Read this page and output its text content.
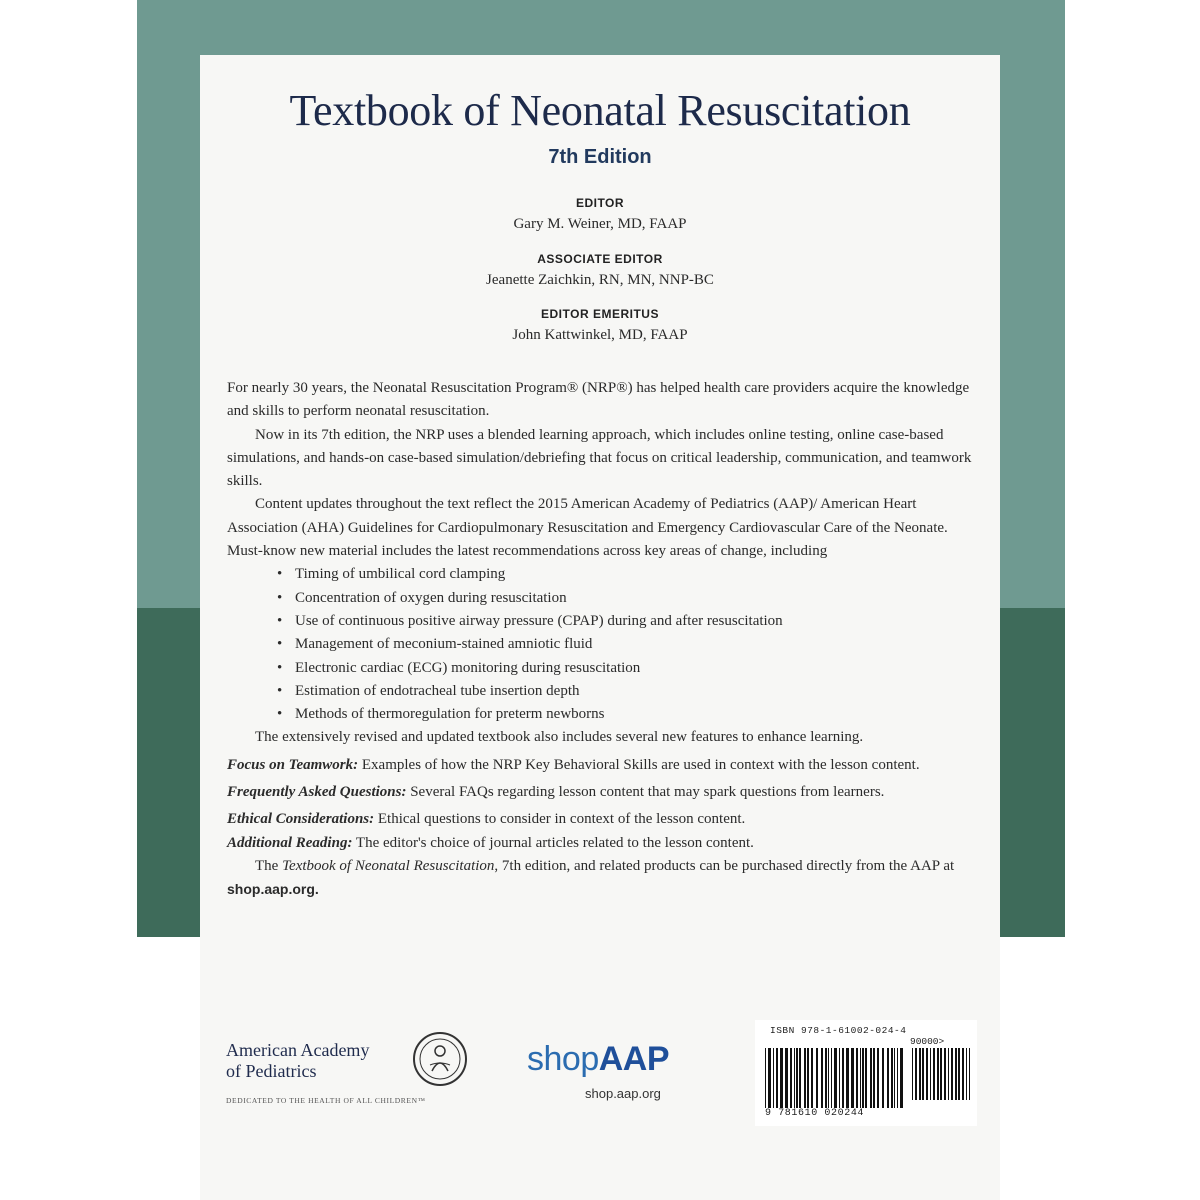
Textbook of Neonatal Resuscitation
7th Edition
EDITOR
Gary M. Weiner, MD, FAAP
ASSOCIATE EDITOR
Jeanette Zaichkin, RN, MN, NNP-BC
EDITOR EMERITUS
John Kattwinkel, MD, FAAP

For nearly 30 years, the Neonatal Resuscitation Program® (NRP®) has helped health care providers acquire the knowledge and skills to perform neonatal resuscitation.

Now in its 7th edition, the NRP uses a blended learning approach, which includes online testing, online case-based simulations, and hands-on case-based simulation/debriefing that focus on critical leadership, communication, and teamwork skills.

Content updates throughout the text reflect the 2015 American Academy of Pediatrics (AAP)/ American Heart Association (AHA) Guidelines for Cardiopulmonary Resuscitation and Emergency Cardiovascular Care of the Neonate. Must-know new material includes the latest recommendations across key areas of change, including

• Timing of umbilical cord clamping
• Concentration of oxygen during resuscitation
• Use of continuous positive airway pressure (CPAP) during and after resuscitation
• Management of meconium-stained amniotic fluid
• Electronic cardiac (ECG) monitoring during resuscitation
• Estimation of endotracheal tube insertion depth
• Methods of thermoregulation for preterm newborns

The extensively revised and updated textbook also includes several new features to enhance learning.

Focus on Teamwork: Examples of how the NRP Key Behavioral Skills are used in context with the lesson content.

Frequently Asked Questions: Several FAQs regarding lesson content that may spark questions from learners.

Ethical Considerations: Ethical questions to consider in context of the lesson content.

Additional Reading: The editor's choice of journal articles related to the lesson content.

The Textbook of Neonatal Resuscitation, 7th edition, and related products can be purchased directly from the AAP at shop.aap.org.

American Academy
of Pediatrics
DEDICATED TO THE HEALTH OF ALL CHILDREN™
shopAAP
shop.aap.org
ISBN 978-1-61002-024-4
90000>
9 781610 020244
